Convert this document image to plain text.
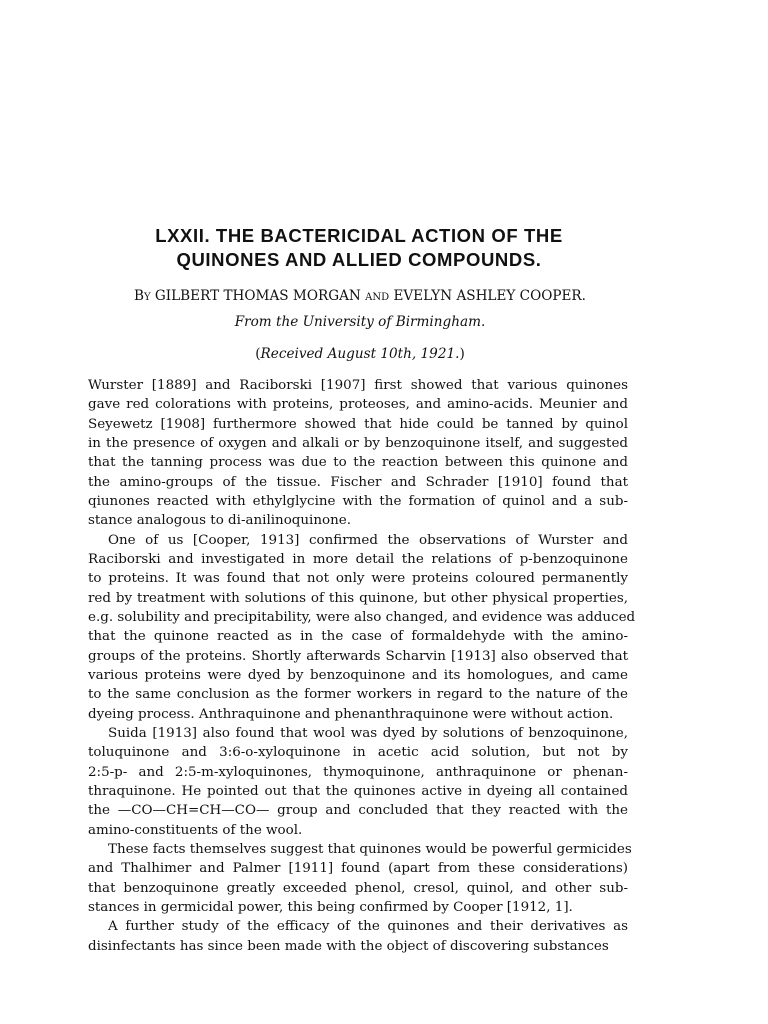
LXXII. THE BACTERICIDAL ACTION OF THE
QUINONES AND ALLIED COMPOUNDS.
By GILBERT THOMAS MORGAN and EVELYN ASHLEY COOPER.
From the University of Birmingham.
(Received August 10th, 1921.)
Wurster [1889] and Raciborski [1907] first showed that various quinones
gave red colorations with proteins, proteoses, and amino-acids. Meunier and
Seyewetz [1908] furthermore showed that hide could be tanned by quinol
in the presence of oxygen and alkali or by benzoquinone itself, and suggested
that the tanning process was due to the reaction between this quinone and
the amino-groups of the tissue. Fischer and Schrader [1910] found that
qiunones reacted with ethylglycine with the formation of quinol and a sub-
stance analogous to di-anilinoquinone.
One of us [Cooper, 1913] confirmed the observations of Wurster and
Raciborski and investigated in more detail the relations of p-benzoquinone
to proteins. It was found that not only were proteins coloured permanently
red by treatment with solutions of this quinone, but other physical properties,
e.g. solubility and precipitability, were also changed, and evidence was adduced
that the quinone reacted as in the case of formaldehyde with the amino-
groups of the proteins. Shortly afterwards Scharvin [1913] also observed that
various proteins were dyed by benzoquinone and its homologues, and came
to the same conclusion as the former workers in regard to the nature of the
dyeing process. Anthraquinone and phenanthraquinone were without action.
Suida [1913] also found that wool was dyed by solutions of benzoquinone,
toluquinone and 3:6-o-xyloquinone in acetic acid solution, but not by
2:5-p- and 2:5-m-xyloquinones, thymoquinone, anthraquinone or phenan-
thraquinone. He pointed out that the quinones active in dyeing all contained
the —CO—CH=CH—CO— group and concluded that they reacted with the
amino-constituents of the wool.
These facts themselves suggest that quinones would be powerful germicides
and Thalhimer and Palmer [1911] found (apart from these considerations)
that benzoquinone greatly exceeded phenol, cresol, quinol, and other sub-
stances in germicidal power, this being confirmed by Cooper [1912, 1].
A further study of the efficacy of the quinones and their derivatives as
disinfectants has since been made with the object of discovering substances
